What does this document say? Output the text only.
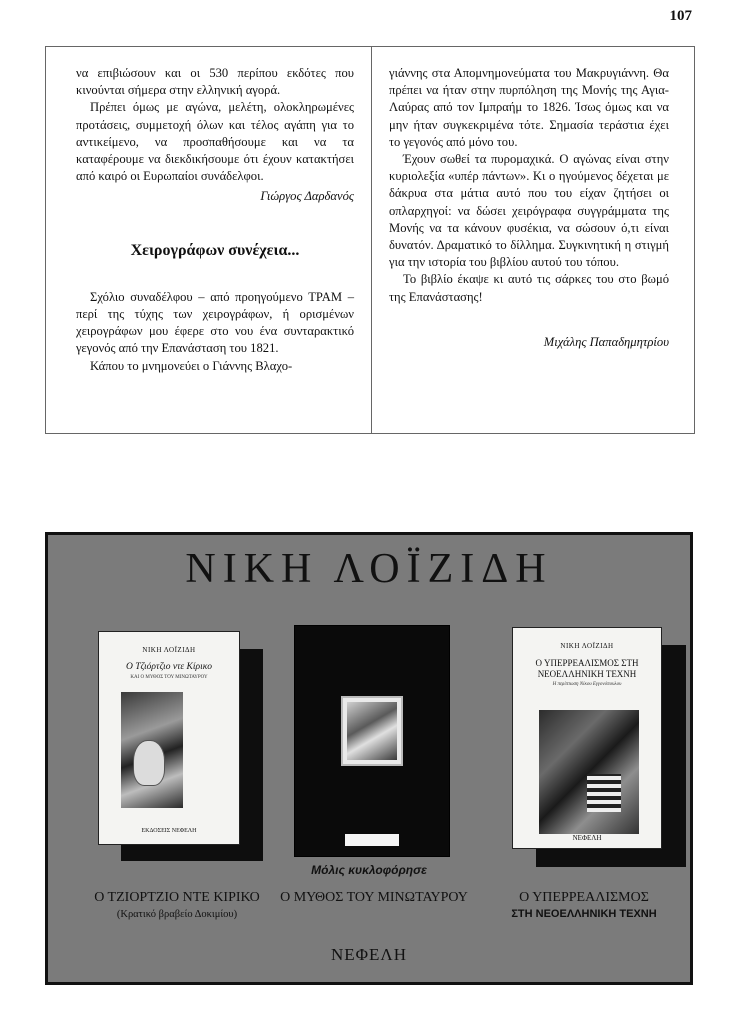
107

να επιβιώσουν και οι 530 περίπου εκδότες που κινούνται σήμερα στην ελληνική αγορά.

Πρέπει όμως με αγώνα, μελέτη, ολοκληρωμένες προτάσεις, συμμετοχή όλων και τέλος αγάπη για το αντικείμενο, να προσπαθήσουμε και να τα καταφέρουμε να διεκδικήσουμε ότι έχουν κατακτήσει από καιρό οι Ευρωπαίοι συνάδελφοι.

Γιώργος Δαρδανός

Χειρογράφων συνέχεια...

Σχόλιο συναδέλφου – από προηγούμενο ΤΡΑΜ – περί της τύχης των χειρογράφων, ή ορισμένων χειρογράφων μου έφερε στο νου ένα συνταρακτικό γεγονός από την Επανάσταση του 1821.

Κάπου το μνημονεύει ο Γιάννης Βλαχο-

γιάννης στα Απομνημονεύματα του Μακρυγιάννη. Θα πρέπει να ήταν στην πυρπόληση της Μονής της Αγια-Λαύρας από τον Ιμπραήμ το 1826. Ίσως όμως και να μην ήταν συγκεκριμένα τότε. Σημασία τεράστια έχει το γεγονός από μόνο του.

Έχουν σωθεί τα πυρομαχικά. Ο αγώνας είναι στην κυριολεξία «υπέρ πάντων». Κι ο ηγούμενος δέχεται με δάκρυα στα μάτια αυτό που του είχαν ζητήσει οι οπλαρχηγοί: να δώσει χειρόγραφα συγγράμματα της Μονής να τα κάνουν φυσέκια, να σώσουν ό,τι είναι δυνατόν. Δραματικό το δίλλημα. Συγκινητική η στιγμή για την ιστορία του βιβλίου αυτού του τόπου.

Το βιβλίο έκαψε κι αυτό τις σάρκες του στο βωμό της Επανάστασης!

Μιχάλης Παπαδημητρίου

ΝΙΚΗ ΛΟΪΖΙΔΗ
ΝΙΚΗ ΛΟΪΖΙΔΗ
Ο Τζιόρτζιο ντε Κίρικο
ΚΑΙ Ο ΜΥΘΟΣ ΤΟΥ ΜΙΝΩΤΑΥΡΟΥ
ΕΚΔΟΣΕΙΣ ΝΕΦΕΛΗ
ΝΙΚΗ ΛΟΪΖΙΔΗ
Ο ΥΠΕΡΡΕΑΛΙΣΜΟΣ ΣΤΗ ΝΕΟΕΛΛΗΝΙΚΗ ΤΕΧΝΗ
Η περίπτωση Νίκου Εγγονόπουλου
ΝΕΦΕΛΗ
Μόλις κυκλοφόρησε
Ο ΤΖΙΟΡΤΖΙΟ ΝΤΕ ΚΙΡΙΚΟ
(Κρατικό βραβείο Δοκιμίου)
Ο ΜΥΘΟΣ ΤΟΥ ΜΙΝΩΤΑΥΡΟΥ	Ο ΥΠΕΡΡΕΑΛΙΣΜΟΣ
ΣΤΗ ΝΕΟΕΛΛΗΝΙΚΗ ΤΕΧΝΗ
ΝΕΦΕΛΗ
